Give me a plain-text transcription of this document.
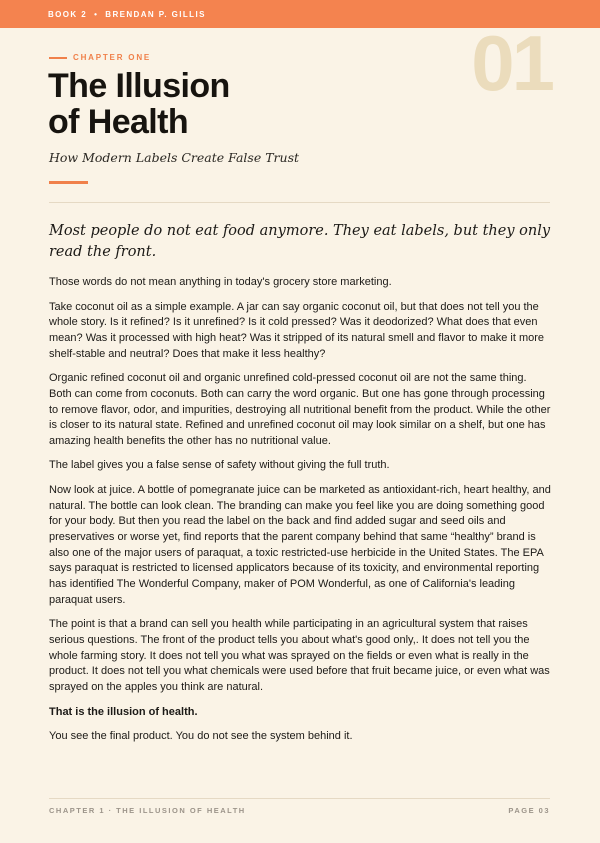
BOOK 2 • BRENDAN P. GILLIS
01
CHAPTER ONE
The Illusion
of Health
How Modern Labels Create False Trust

Most people do not eat food anymore. They eat labels, but they only read the front.

Those words do not mean anything in today's grocery store marketing.

Take coconut oil as a simple example. A jar can say organic coconut oil, but that does not tell you the whole story. Is it refined? Is it unrefined? Is it cold pressed? Was it deodorized? What does that even mean? Was it processed with high heat? Was it stripped of its natural smell and flavor to make it more shelf-stable and neutral? Does that make it less healthy?

Organic refined coconut oil and organic unrefined cold-pressed coconut oil are not the same thing. Both can come from coconuts. Both can carry the word organic. But one has gone through processing to remove flavor, odor, and impurities, destroying all nutritional benefit from the product. While the other is closer to its natural state. Refined and unrefined coconut oil may look similar on a shelf, but one has amazing health benefits the other has no nutritional value.

The label gives you a false sense of safety without giving the full truth.

Now look at juice. A bottle of pomegranate juice can be marketed as antioxidant-rich, heart healthy, and natural. The bottle can look clean. The branding can make you feel like you are doing something good for your body. But then you read the label on the back and find added sugar and seed oils and preservatives or worse yet, find reports that the parent company behind that same “healthy” brand is also one of the major users of paraquat, a toxic restricted-use herbicide in the United States. The EPA says paraquat is restricted to licensed applicators because of its toxicity, and environmental reporting has identified The Wonderful Company, maker of POM Wonderful, as one of California's leading paraquat users.

The point is that a brand can sell you health while participating in an agricultural system that raises serious questions. The front of the product tells you about what's good only,. It does not tell you the whole farming story. It does not tell you what was sprayed on the fields or even what is really in the product. It does not tell you what chemicals were used before that fruit became juice, or even what was sprayed on the apples you think are natural.

That is the illusion of health.

You see the final product. You do not see the system behind it.

CHAPTER 1 · THE ILLUSION OF HEALTH	PAGE 03
